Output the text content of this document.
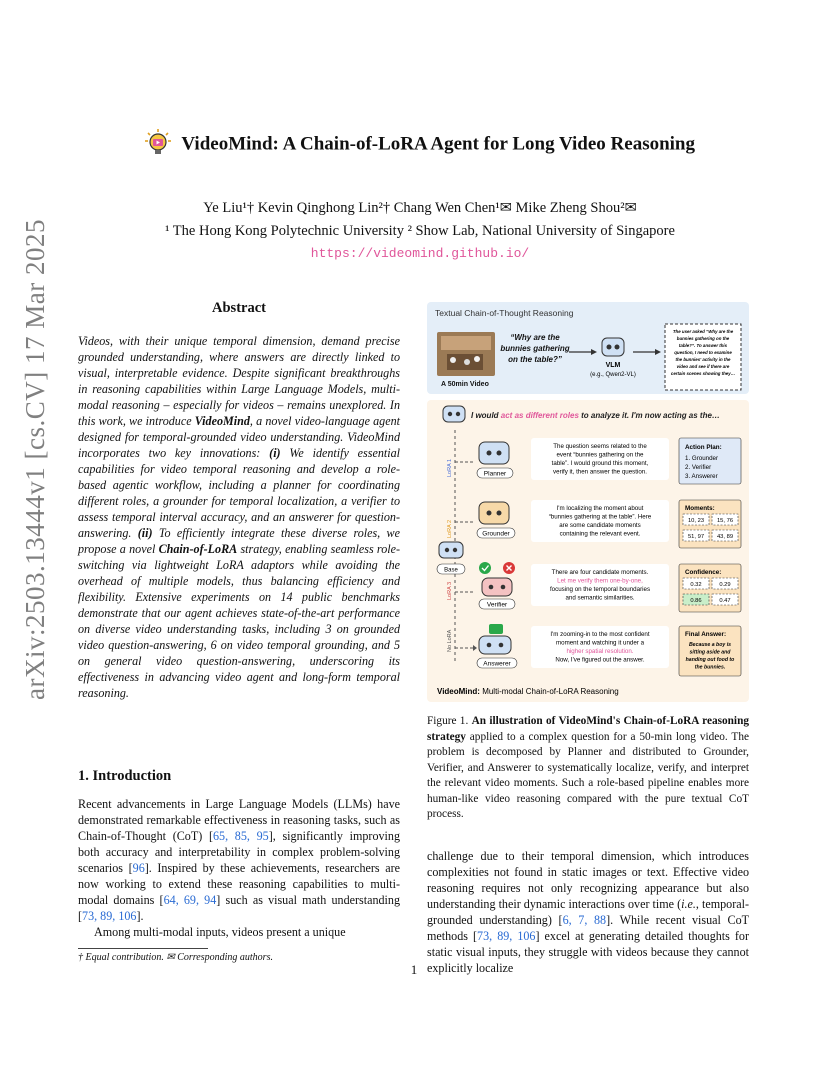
arXiv:2503.13444v1 [cs.CV] 17 Mar 2025
VideoMind: A Chain-of-LoRA Agent for Long Video Reasoning
Ye Liu¹† Kevin Qinghong Lin²† Chang Wen Chen¹✉ Mike Zheng Shou²✉
¹ The Hong Kong Polytechnic University ² Show Lab, National University of Singapore
https://videomind.github.io/
Abstract
Videos, with their unique temporal dimension, demand precise grounded understanding, where answers are directly linked to visual, interpretable evidence. Despite significant breakthroughs in reasoning capabilities within Large Language Models, multi-modal reasoning – especially for videos – remains unexplored. In this work, we introduce VideoMind, a novel video-language agent designed for temporal-grounded video understanding. VideoMind incorporates two key innovations: (i) We identify essential capabilities for video temporal reasoning and develop a role-based agentic workflow, including a planner for coordinating different roles, a grounder for temporal localization, a verifier to assess temporal interval accuracy, and an answerer for question-answering. (ii) To efficiently integrate these diverse roles, we propose a novel Chain-of-LoRA strategy, enabling seamless role-switching via lightweight LoRA adaptors while avoiding the overhead of multiple models, thus balancing efficiency and flexibility. Extensive experiments on 14 public benchmarks demonstrate that our agent achieves state-of-the-art performance on diverse video understanding tasks, including 3 on grounded video question-answering, 6 on video temporal grounding, and 5 on general video question-answering, underscoring its effectiveness in advancing video agent and long-form temporal reasoning.
1. Introduction

Recent advancements in Large Language Models (LLMs) have demonstrated remarkable effectiveness in reasoning tasks, such as Chain-of-Thought (CoT) [65, 85, 95], significantly improving both accuracy and interpretability in complex problem-solving scenarios [96]. Inspired by these achievements, researchers are now working to extend these reasoning capabilities to multi-modal domains [64, 69, 94] such as visual math understanding [73, 89, 106].

Among multi-modal inputs, videos present a unique

† Equal contribution. ✉ Corresponding authors.
Textual Chain-of-Thought Reasoning
A 50min Video
“Why are the bunnies gathering on the table?”
VLM
(e.g., Qwen2-VL)
The user asked “Why are the bunnies gathering on the table?”. To answer this question, I need to examine the bunnies' activity in the video and see if there are certain scenes showing they…
I would act as different roles to analyze it. I'm now acting as the…
LoRA 1
LoRA 2
LoRA 3
No LoRA
Base
Planner
The question seems related to the event “bunnies gathering on the table”. I would ground this moment, verify it, then answer the question.
Action Plan:
1. Grounder
2. Verifier
3. Answerer
Grounder
I'm localizing the moment about “bunnies gathering at the table”. Here are some candidate moments containing the relevant event.
Moments:
10, 23 15, 76
51, 97 43, 89
Verifier
There are four candidate moments. Let me verify them one-by-one, focusing on the temporal boundaries and semantic similarities.
Confidence:
0.32	0.29
0.86	0.47
Answerer
I'm zooming-in to the most confident moment and watching it under a higher spatial resolution. Now, I've figured out the answer.
Final Answer:
Because a boy is sitting aside and handing out food to the bunnies.
VideoMind: Multi-modal Chain-of-LoRA Reasoning
Figure 1. An illustration of VideoMind's Chain-of-LoRA reasoning strategy applied to a complex question for a 50-min long video. The problem is decomposed by Planner and distributed to Grounder, Verifier, and Answerer to systematically localize, verify, and interpret the relevant video moments. Such a role-based pipeline enables more human-like video reasoning compared with the pure textual CoT process.
challenge due to their temporal dimension, which introduces complexities not found in static images or text. Effective video reasoning requires not only recognizing appearance but also understanding their dynamic interactions over time (i.e., temporal-grounded understanding) [6, 7, 88]. While recent visual CoT methods [73, 89, 106] excel at generating detailed thoughts for static visual inputs, they struggle with videos because they cannot explicitly localize
1
